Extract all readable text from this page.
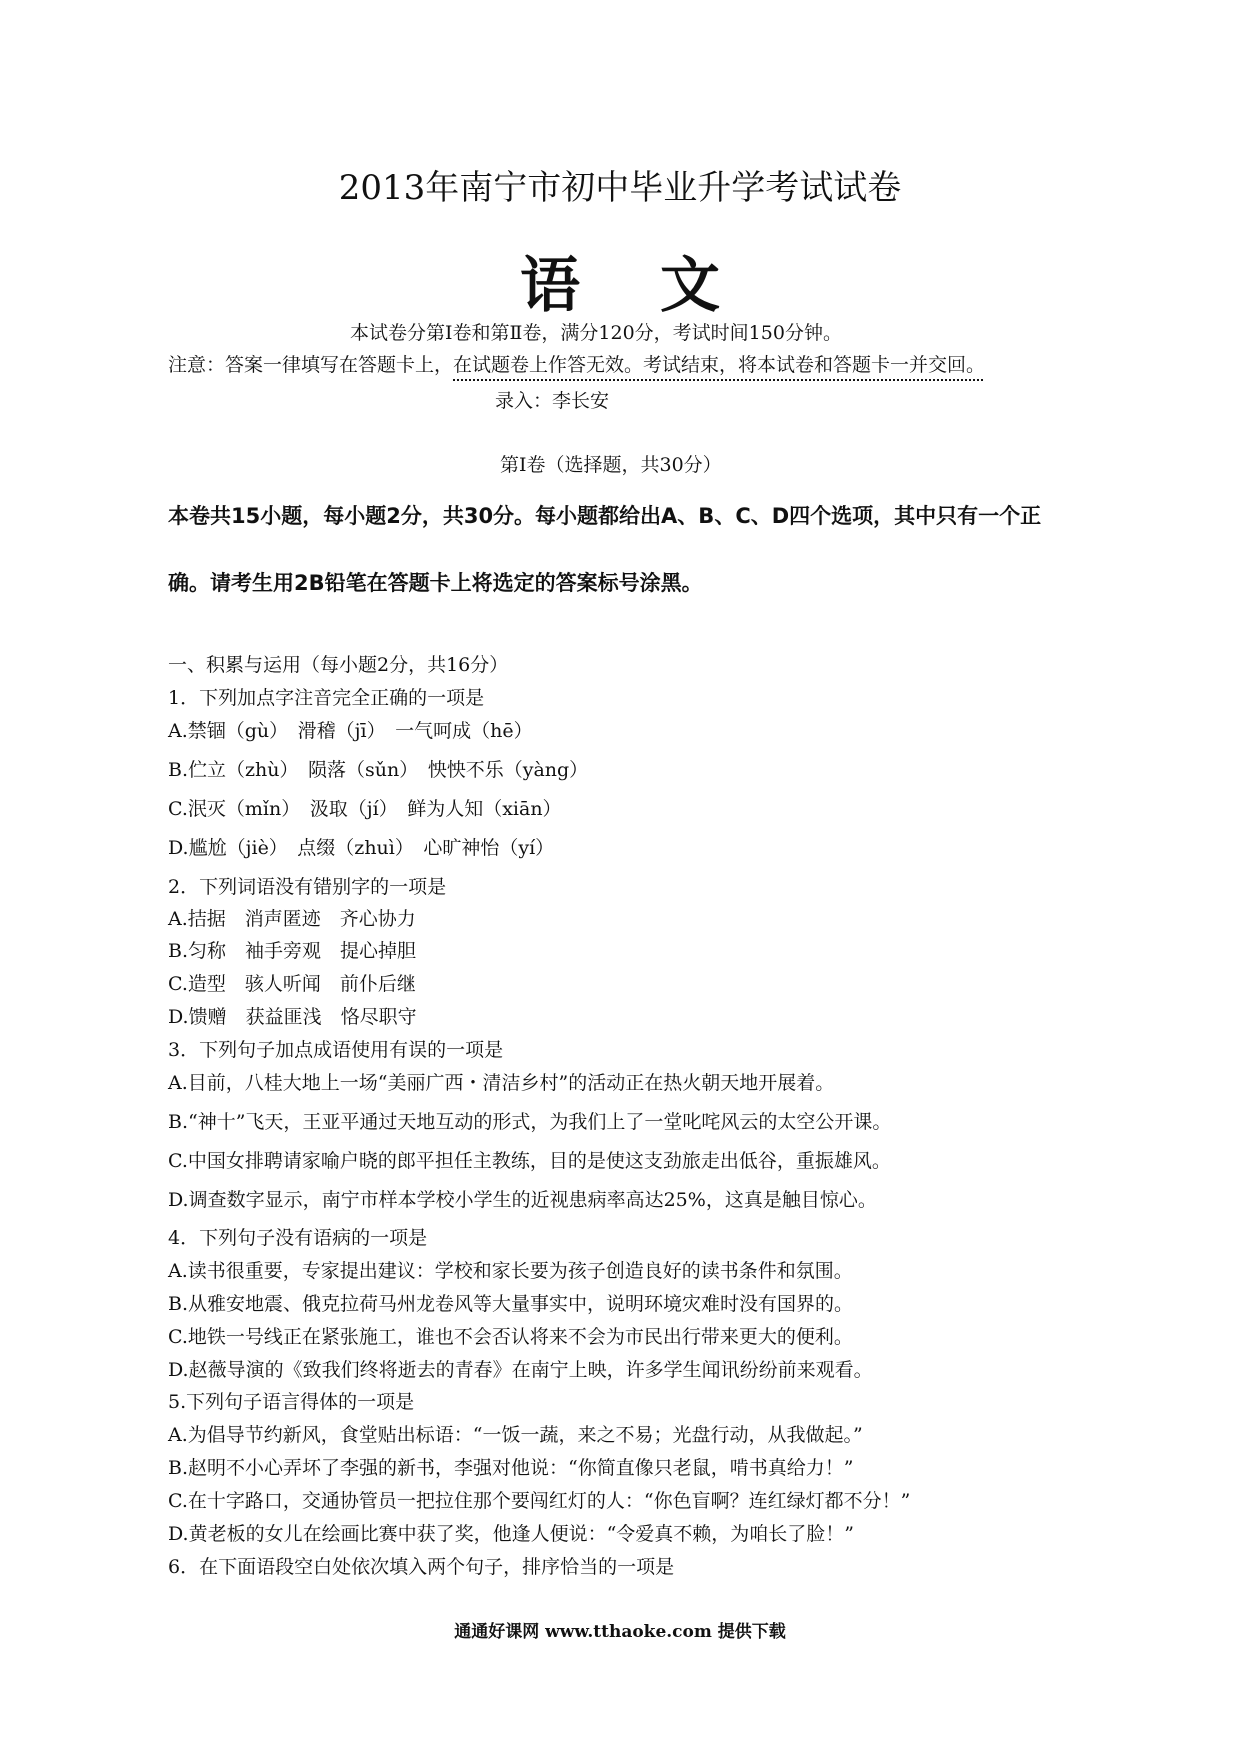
2013年南宁市初中毕业升学考试试卷
语文
本试卷分第Ⅰ卷和第Ⅱ卷，满分120分，考试时间150分钟。
注意：答案一律填写在答题卡上，在试题卷上作答无效。考试结束，将本试卷和答题卡一并交回。
录入：李长安
第Ⅰ卷（选择题，共30分）
本卷共15小题，每小题2分，共30分。每小题都给出A、B、C、D四个选项，其中只有一个正
确。请考生用2B铅笔在答题卡上将选定的答案标号涂黑。
一、积累与运用（每小题2分，共16分）
1．下列加点字注音完全正确的一项是
A.禁锢（gù）　滑稽（jī）　一气呵成（hē）
B.伫立（zhù）　陨落（sǔn）　怏怏不乐（yàng）
C.泯灭（mǐn）　汲取（jí）　鲜为人知（xiān）
D.尴尬（jiè）　点缀（zhuì）　心旷神怡（yí）
2．下列词语没有错别字的一项是
A.拮据　消声匿迹　齐心协力
B.匀称　袖手旁观　提心掉胆
C.造型　骇人听闻　前仆后继
D.馈赠　获益匪浅　恪尽职守
3．下列句子加点成语使用有误的一项是
A.目前，八桂大地上一场“美丽广西・清洁乡村”的活动正在热火朝天地开展着。
B.“神十”飞天，王亚平通过天地互动的形式，为我们上了一堂叱咤风云的太空公开课。
C.中国女排聘请家喻户晓的郎平担任主教练，目的是使这支劲旅走出低谷，重振雄风。
D.调查数字显示，南宁市样本学校小学生的近视患病率高达25%，这真是触目惊心。
4．下列句子没有语病的一项是
A.读书很重要，专家提出建议：学校和家长要为孩子创造良好的读书条件和氛围。
B.从雅安地震、俄克拉荷马州龙卷风等大量事实中，说明环境灾难时没有国界的。
C.地铁一号线正在紧张施工，谁也不会否认将来不会为市民出行带来更大的便利。
D.赵薇导演的《致我们终将逝去的青春》在南宁上映，许多学生闻讯纷纷前来观看。
5.下列句子语言得体的一项是
A.为倡导节约新风，食堂贴出标语：“一饭一蔬，来之不易；光盘行动，从我做起。”
B.赵明不小心弄坏了李强的新书，李强对他说：“你简直像只老鼠，啃书真给力！”
C.在十字路口，交通协管员一把拉住那个要闯红灯的人：“你色盲啊？连红绿灯都不分！”
D.黄老板的女儿在绘画比赛中获了奖，他逢人便说：“令爱真不赖，为咱长了脸！”
6．在下面语段空白处依次填入两个句子，排序恰当的一项是
通通好课网 www.tthaoke.com 提供下载
